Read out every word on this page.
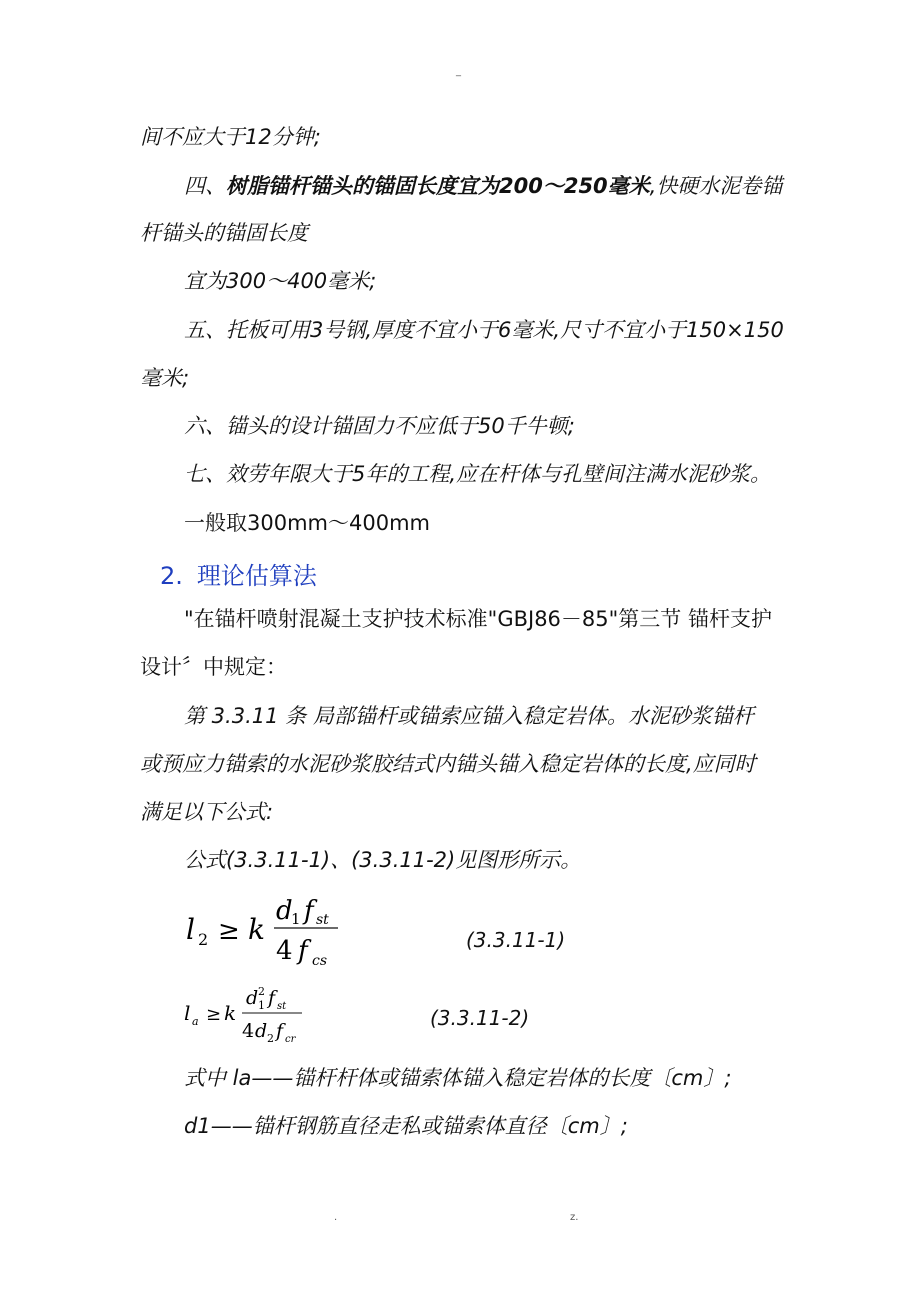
_
间不应大于12分钟;
四、树脂锚杆锚头的锚固长度宜为200～250毫米,快硬水泥卷锚
杆锚头的锚固长度
宜为300～400毫米;
五、托板可用3号钢,厚度不宜小于6毫米,尺寸不宜小于150×150
毫米;
六、锚头的设计锚固力不应低于50千牛顿;
七、效劳年限大于5年的工程,应在杆体与孔壁间注满水泥砂浆。
一般取300mm～400mm
2. 理论估算法
"在锚杆喷射混凝土支护技术标准"GBJ86－85"第三节 锚杆支护
设计〞中规定：
第 3.3.11 条 局部锚杆或锚索应锚入稳定岩体。水泥砂浆锚杆
或预应力锚索的水泥砂浆胶结式内锚头锚入稳定岩体的长度,应同时
满足以下公式:
公式(3.3.11-1)、(3.3.11-2)见图形所示。
l 2 ≥ k
d
1 f st
4 f cs
(3.3.11-1)
l a ≥ k
d 2
1 f st
4 d 2 f cr
(3.3.11-2)
式中 la——锚杆杆体或锚索体锚入稳定岩体的长度〔cm〕;
d1——锚杆钢筋直径走私或锚索体直径〔cm〕;
.	z.
